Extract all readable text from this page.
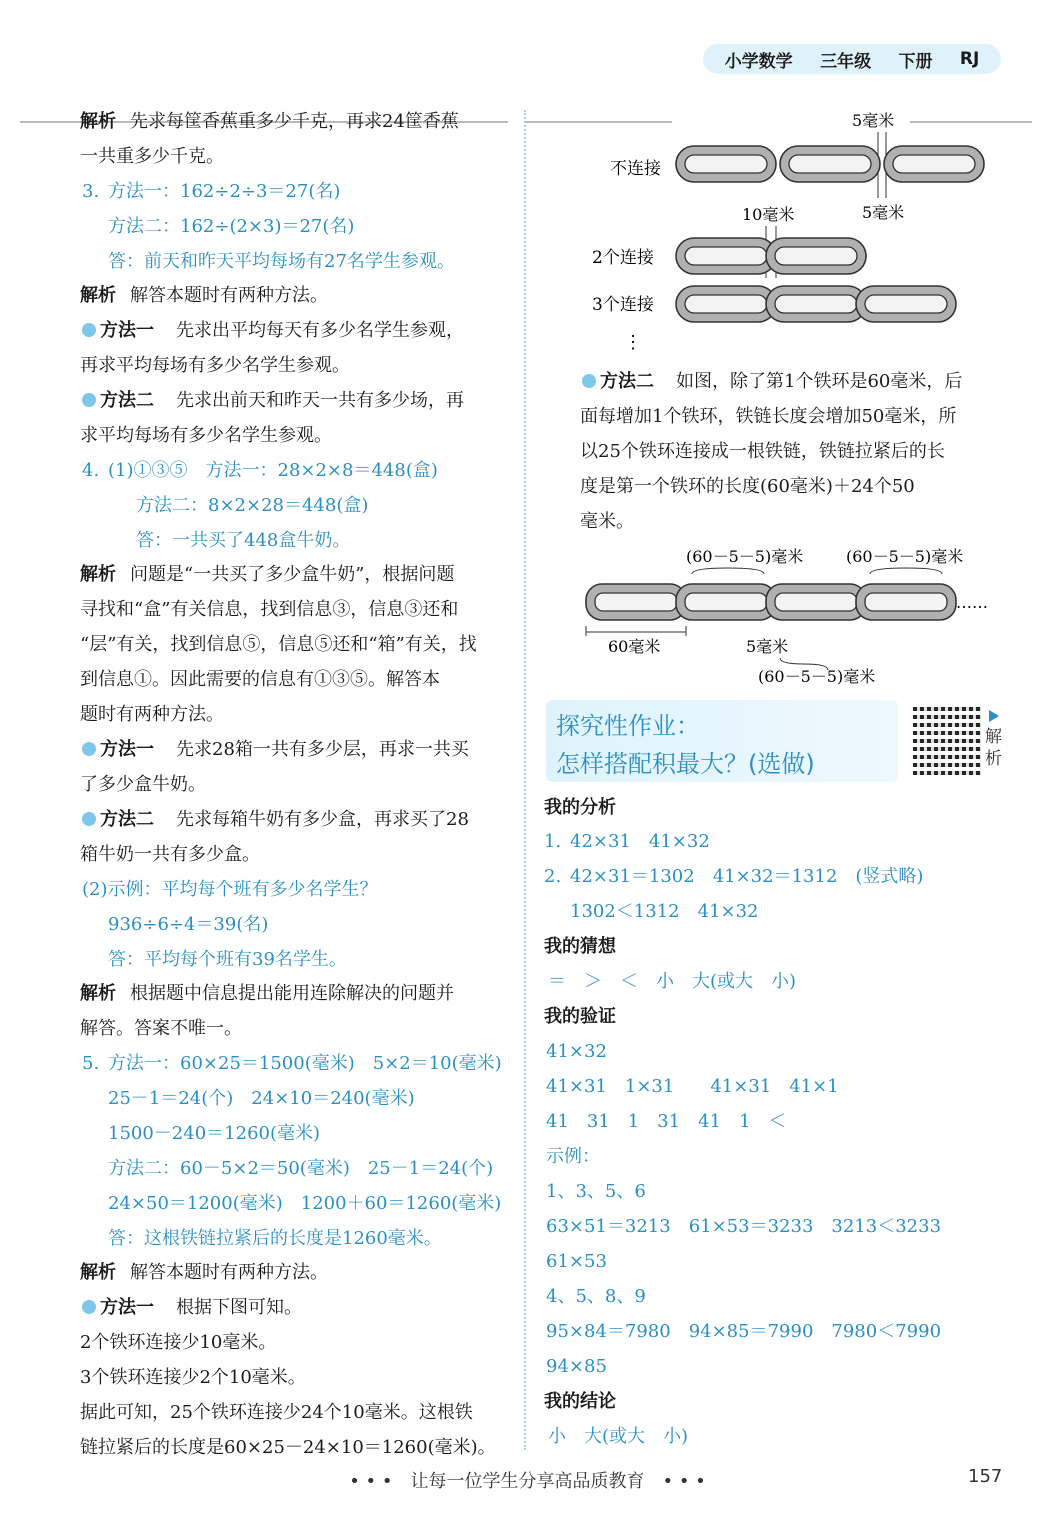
小学数学 三年级 下册 RJ
解析 先求每筐香蕉重多少千克，再求24筐香蕉
一共重多少千克。
3. 方法一：162÷2÷3＝27(名)
方法二：162÷(2×3)＝27(名)
答：前天和昨天平均每场有27名学生参观。
解析 解答本题时有两种方法。
方法一 先求出平均每天有多少名学生参观，
再求平均每场有多少名学生参观。
方法二 先求出前天和昨天一共有多少场，再
求平均每场有多少名学生参观。
4. (1)①③⑤　方法一：28×2×8＝448(盒)
方法二：8×2×28＝448(盒)
答：一共买了448盒牛奶。
解析 问题是“一共买了多少盒牛奶”，根据问题
寻找和“盒”有关信息，找到信息③，信息③还和
“层”有关，找到信息⑤，信息⑤还和“箱”有关，找
到信息①。因此需要的信息有①③⑤。解答本
题时有两种方法。
方法一 先求28箱一共有多少层，再求一共买
了多少盒牛奶。
方法二 先求每箱牛奶有多少盒，再求买了28
箱牛奶一共有多少盒。
(2)示例：平均每个班有多少名学生？
936÷6÷4＝39(名)
答：平均每个班有39名学生。
解析 根据题中信息提出能用连除解决的问题并
解答。答案不唯一。
5. 方法一：60×25＝1500(毫米)　5×2＝10(毫米)
25－1＝24(个)　24×10＝240(毫米)
1500－240＝1260(毫米)
方法二：60－5×2＝50(毫米)　25－1＝24(个)
24×50＝1200(毫米)　1200＋60＝1260(毫米)
答：这根铁链拉紧后的长度是1260毫米。
解析 解答本题时有两种方法。
方法一 根据下图可知。
2个铁环连接少10毫米。
3个铁环连接少2个10毫米。
据此可知，25个铁环连接少24个10毫米。这根铁
链拉紧后的长度是60×25－24×10＝1260(毫米)。
方法二 如图，除了第1个铁环是60毫米，后
面每增加1个铁环，铁链长度会增加50毫米，所
以25个铁环连接成一根铁链，铁链拉紧后的长
度是第一个铁环的长度(60毫米)＋24个50
毫米。
我的分析
1. 42×31　41×32
2. 42×31＝1302　41×32＝1312　(竖式略)
1302＜1312　41×32
我的猜想
＝　＞　＜　小　大(或大　小)
我的验证
41×32
41×31　1×31　　41×31　41×1
41　31　1　31　41　1　＜
示例：
1、3、5、6
63×51＝3213　61×53＝3233　3213＜3233
61×53
4、5、8、9
95×84＝7980　94×85＝7990　7980＜7990
94×85
我的结论
小　大(或大　小)
5毫米
不连接
5毫米
10毫米
2个连接
3个连接
⋮
(60－5－5)毫米	(60－5－5)毫米
……
60毫米	5毫米
(60－5－5)毫米
探究性作业：
怎样搭配积最大？(选做)
解析
• • •　让每一位学生分享高品质教育　• • •	157
